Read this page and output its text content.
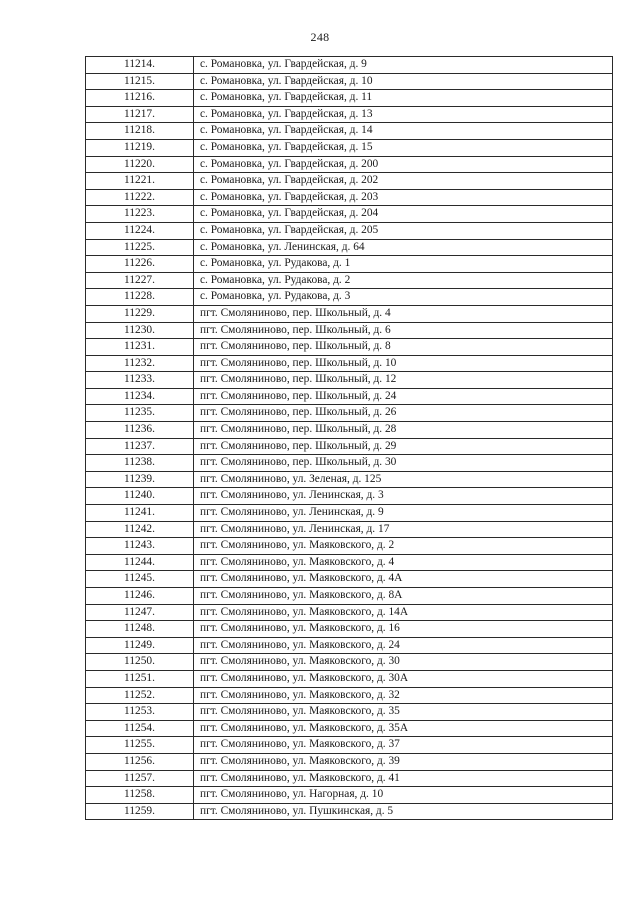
248
11214.	с. Романовка, ул. Гвардейская, д. 9
11215.	с. Романовка, ул. Гвардейская, д. 10
11216.	с. Романовка, ул. Гвардейская, д. 11
11217.	с. Романовка, ул. Гвардейская, д. 13
11218.	с. Романовка, ул. Гвардейская, д. 14
11219.	с. Романовка, ул. Гвардейская, д. 15
11220.	с. Романовка, ул. Гвардейская, д. 200
11221.	с. Романовка, ул. Гвардейская, д. 202
11222.	с. Романовка, ул. Гвардейская, д. 203
11223.	с. Романовка, ул. Гвардейская, д. 204
11224.	с. Романовка, ул. Гвардейская, д. 205
11225.	с. Романовка, ул. Ленинская, д. 64
11226.	с. Романовка, ул. Рудакова, д. 1
11227.	с. Романовка, ул. Рудакова, д. 2
11228.	с. Романовка, ул. Рудакова, д. 3
11229.	пгт. Смоляниново, пер. Школьный, д. 4
11230.	пгт. Смоляниново, пер. Школьный, д. 6
11231.	пгт. Смоляниново, пер. Школьный, д. 8
11232.	пгт. Смоляниново, пер. Школьный, д. 10
11233.	пгт. Смоляниново, пер. Школьный, д. 12
11234.	пгт. Смоляниново, пер. Школьный, д. 24
11235.	пгт. Смоляниново, пер. Школьный, д. 26
11236.	пгт. Смоляниново, пер. Школьный, д. 28
11237.	пгт. Смоляниново, пер. Школьный, д. 29
11238.	пгт. Смоляниново, пер. Школьный, д. 30
11239.	пгт. Смоляниново, ул. Зеленая, д. 125
11240.	пгт. Смоляниново, ул. Ленинская, д. 3
11241.	пгт. Смоляниново, ул. Ленинская, д. 9
11242.	пгт. Смоляниново, ул. Ленинская, д. 17
11243.	пгт. Смоляниново, ул. Маяковского, д. 2
11244.	пгт. Смоляниново, ул. Маяковского, д. 4
11245.	пгт. Смоляниново, ул. Маяковского, д. 4А
11246.	пгт. Смоляниново, ул. Маяковского, д. 8А
11247.	пгт. Смоляниново, ул. Маяковского, д. 14А
11248.	пгт. Смоляниново, ул. Маяковского, д. 16
11249.	пгт. Смоляниново, ул. Маяковского, д. 24
11250.	пгт. Смоляниново, ул. Маяковского, д. 30
11251.	пгт. Смоляниново, ул. Маяковского, д. 30А
11252.	пгт. Смоляниново, ул. Маяковского, д. 32
11253.	пгт. Смоляниново, ул. Маяковского, д. 35
11254.	пгт. Смоляниново, ул. Маяковского, д. 35А
11255.	пгт. Смоляниново, ул. Маяковского, д. 37
11256.	пгт. Смоляниново, ул. Маяковского, д. 39
11257.	пгт. Смоляниново, ул. Маяковского, д. 41
11258.	пгт. Смоляниново, ул. Нагорная, д. 10
11259.	пгт. Смоляниново, ул. Пушкинская, д. 5
